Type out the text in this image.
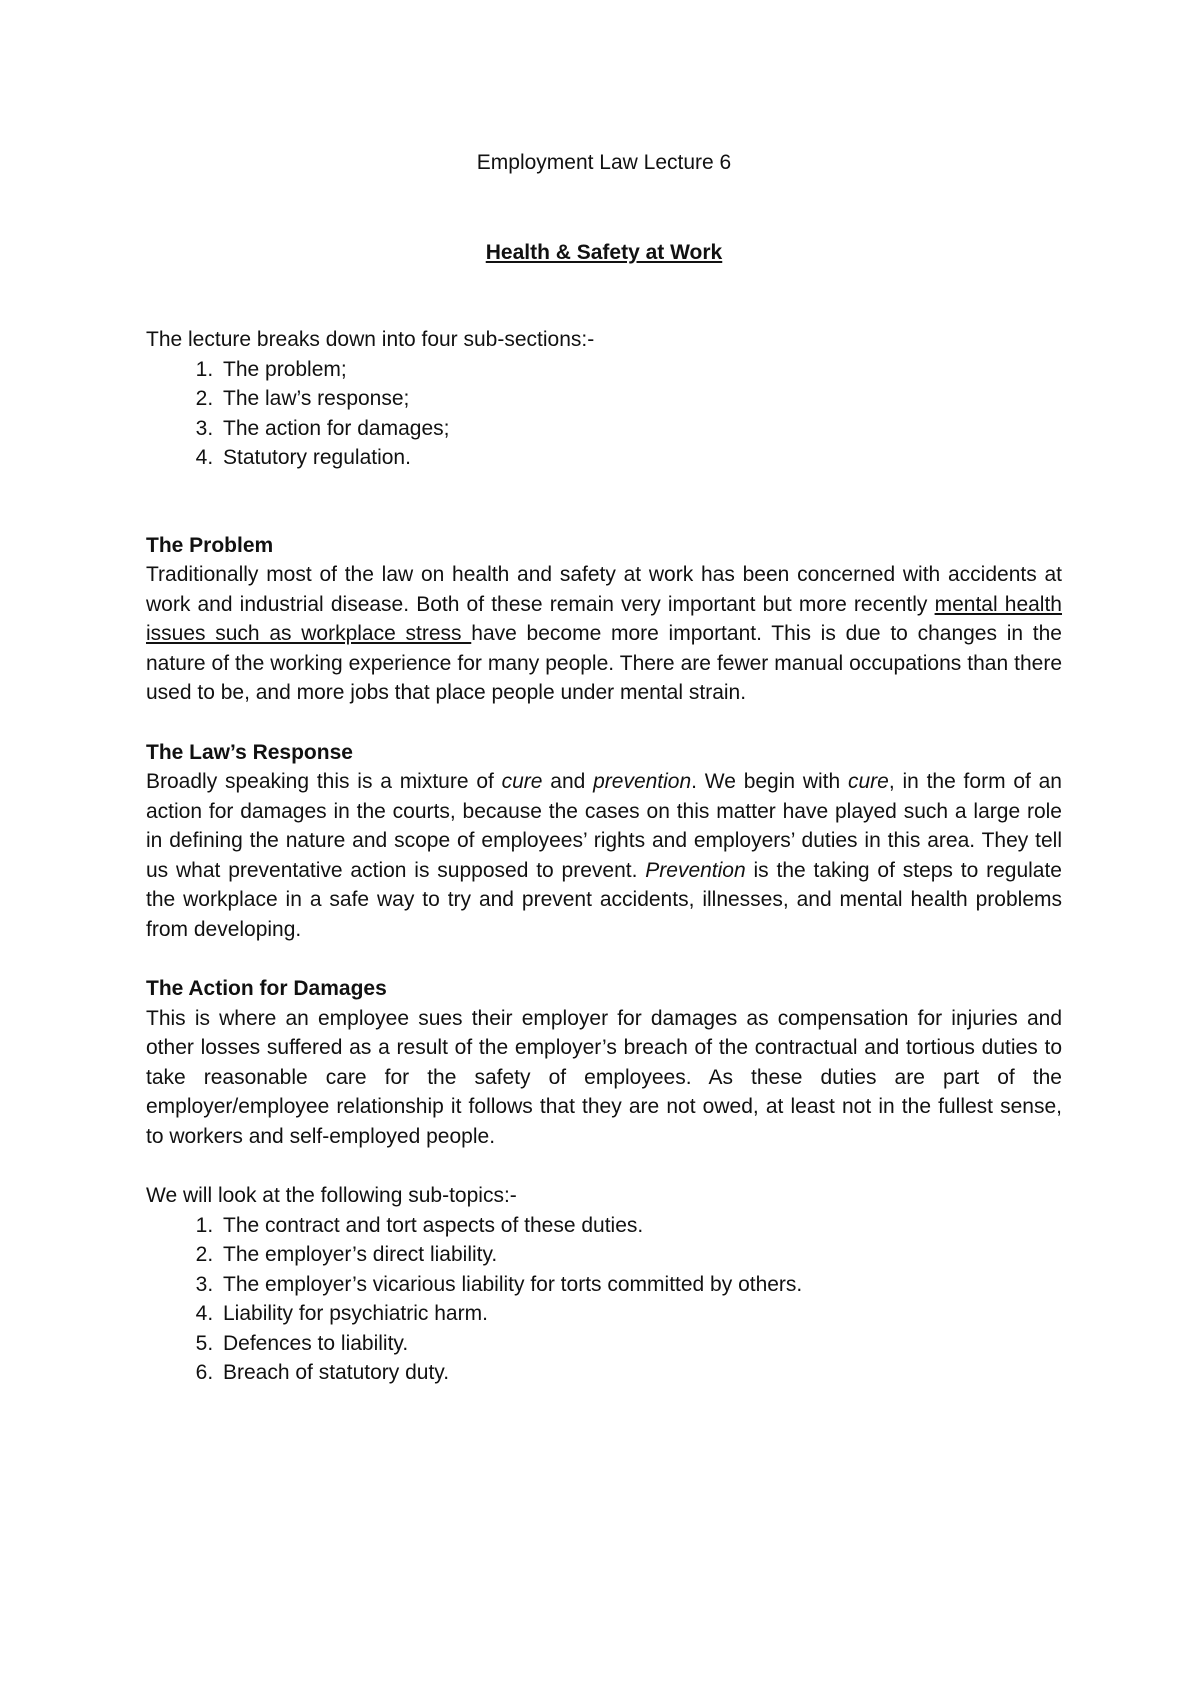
Employment Law Lecture 6

Health & Safety at Work

The lecture breaks down into four sub-sections:-

1. The problem;
2. The law’s response;
3. The action for damages;
4. Statutory regulation.
The Problem

Traditionally most of the law on health and safety at work has been concerned with accidents at work and industrial disease. Both of these remain very important but more recently mental health issues such as workplace stress have become more important. This is due to changes in the nature of the working experience for many people. There are fewer manual occupations than there used to be, and more jobs that place people under mental strain.

The Law’s Response

Broadly speaking this is a mixture of cure and prevention. We begin with cure, in the form of an action for damages in the courts, because the cases on this matter have played such a large role in defining the nature and scope of employees’ rights and employers’ duties in this area. They tell us what preventative action is supposed to prevent. Prevention is the taking of steps to regulate the workplace in a safe way to try and prevent accidents, illnesses, and mental health problems from developing.

The Action for Damages

This is where an employee sues their employer for damages as compensation for injuries and other losses suffered as a result of the employer’s breach of the contractual and tortious duties to take reasonable care for the safety of employees. As these duties are part of the employer/employee relationship it follows that they are not owed, at least not in the fullest sense, to workers and self-employed people.

We will look at the following sub-topics:-

1. The contract and tort aspects of these duties.
2. The employer’s direct liability.
3. The employer’s vicarious liability for torts committed by others.
4. Liability for psychiatric harm.
5. Defences to liability.
6. Breach of statutory duty.
